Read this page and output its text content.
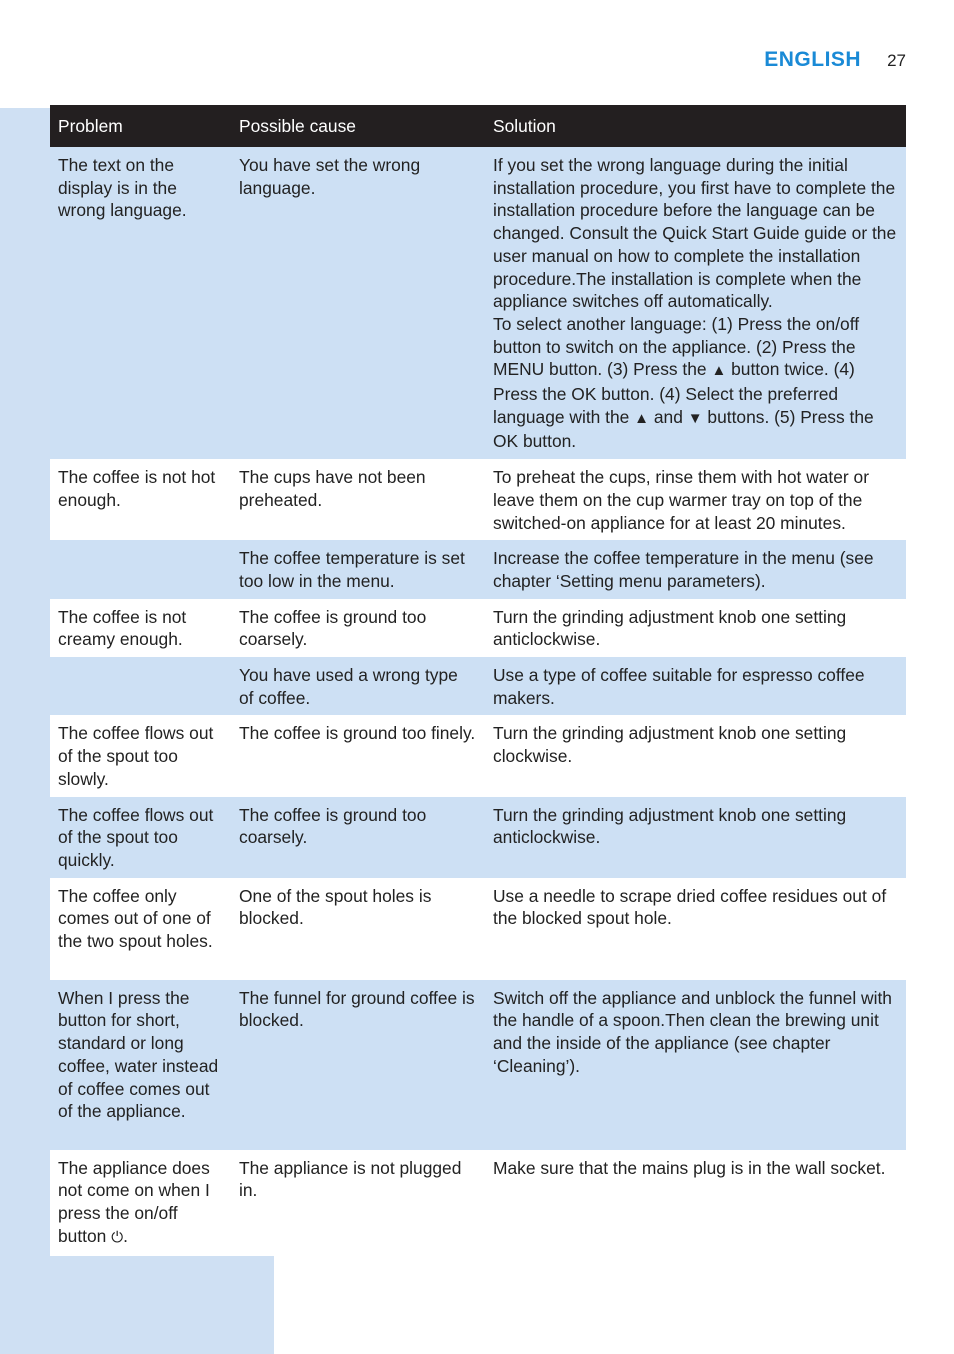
ENGLISH 27
Problem	Possible cause	Solution
The text on the display is in the wrong language.	You have set the wrong language.	If you set the wrong language during the initial installation procedure, you first have to complete the installation procedure before the language can be changed. Consult the Quick Start Guide guide or the user manual on how to complete the installation procedure.The installation is complete when the appliance switches off automatically.
To select another language: (1) Press the on/off button to switch on the appliance. (2) Press the MENU button. (3) Press the ▲ button twice. (4) Press the OK button. (4) Select the preferred language with the ▲ and ▼ buttons. (5) Press the OK button.
The coffee is not hot enough.	The cups have not been preheated.	To preheat the cups, rinse them with hot water or leave them on the cup warmer tray on top of the switched-on appliance for at least 20 minutes.
	The coffee temperature is set too low in the menu.	Increase the coffee temperature in the menu (see chapter ‘Setting menu parameters).
The coffee is not creamy enough.	The coffee is ground too coarsely.	Turn the grinding adjustment knob one setting anticlockwise.
	You have used a wrong type of coffee.	Use a type of coffee suitable for espresso coffee makers.
The coffee flows out of the spout too slowly.	The coffee is ground too finely.	Turn the grinding adjustment knob one setting clockwise.
The coffee flows out of the spout too quickly.	The coffee is ground too coarsely.	Turn the grinding adjustment knob one setting anticlockwise.
The coffee only comes out of one of the two spout holes.	One of the spout holes is blocked.	Use a needle to scrape dried coffee residues out of the blocked spout hole.
When I press the button for short, standard or long coffee, water instead of coffee comes out of the appliance.	The funnel for ground coffee is blocked.	Switch off the appliance and unblock the funnel with the handle of a spoon.Then clean the brewing unit and the inside of the appliance (see chapter ‘Cleaning’).
The appliance does not come on when I press the on/off button ⏻.	The appliance is not plugged in.	Make sure that the mains plug is in the wall socket.
